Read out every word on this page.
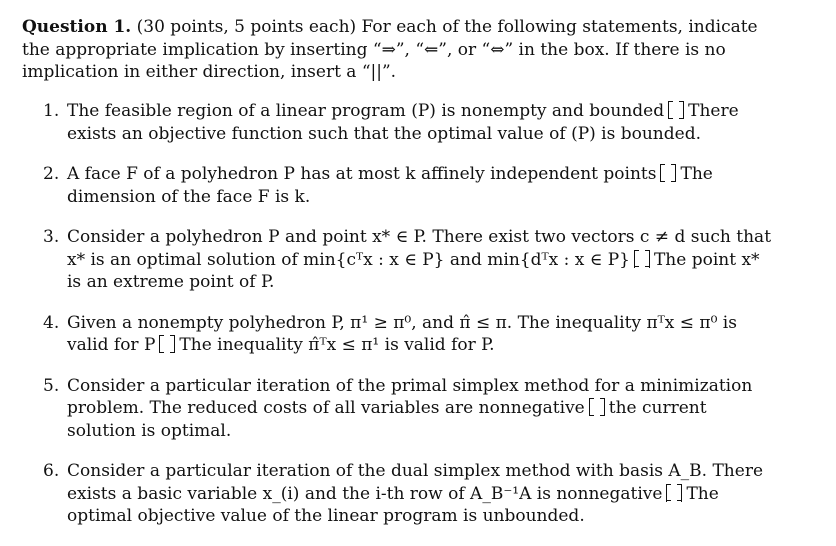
Question 1. (30 points, 5 points each) For each of the following statements, indicate the appropriate implication by inserting “⇒”, “⇐”, or “⇔” in the box. If there is no implication in either direction, insert a “||”.
1. The feasible region of a linear program (P) is nonempty and bounded There exists an objective function such that the optimal value of (P) is bounded.
2. A face F of a polyhedron P has at most k affinely independent points The dimension of the face F is k.
3. Consider a polyhedron P and point x* ∈ P. There exist two vectors c ≠ d such that x* is an optimal solution of min{cᵀx : x ∈ P} and min{dᵀx : x ∈ P} The point x* is an extreme point of P.
4. Given a nonempty polyhedron P, π¹ ≥ π⁰, and π̂ ≤ π. The inequality πᵀx ≤ π⁰ is valid for P The inequality π̂ᵀx ≤ π¹ is valid for P.
5. Consider a particular iteration of the primal simplex method for a minimization problem. The reduced costs of all variables are nonnegative the current solution is optimal.
6. Consider a particular iteration of the dual simplex method with basis A_B. There exists a basic variable x_(i) and the i-th row of A_B⁻¹A is nonnegative The optimal objective value of the linear program is unbounded.
